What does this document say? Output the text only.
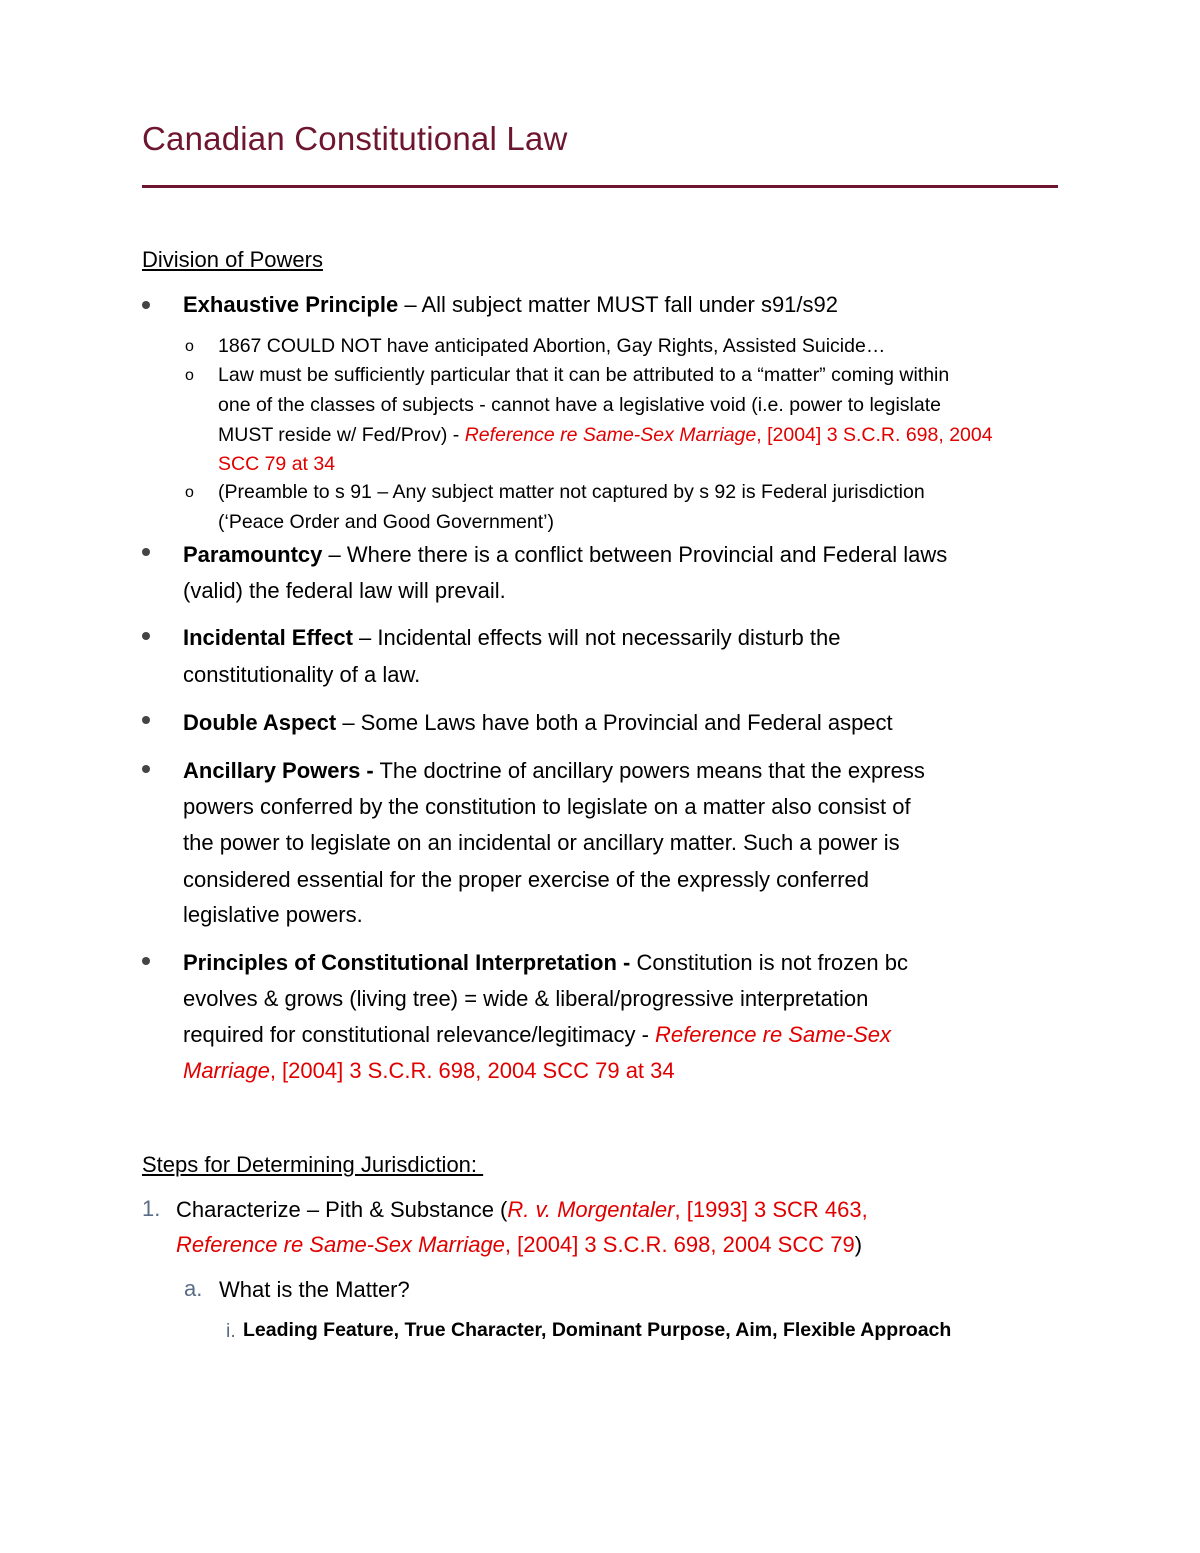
Canadian Constitutional Law
Division of Powers
Exhaustive Principle – All subject matter MUST fall under s91/s92
o 1867 COULD NOT have anticipated Abortion, Gay Rights, Assisted Suicide…
o Law must be sufficiently particular that it can be attributed to a “matter” coming within
one of the classes of subjects - cannot have a legislative void (i.e. power to legislate
MUST reside w/ Fed/Prov) - Reference re Same-Sex Marriage, [2004] 3 S.C.R. 698, 2004
SCC 79 at 34
o (Preamble to s 91 – Any subject matter not captured by s 92 is Federal jurisdiction
(‘Peace Order and Good Government’)
Paramountcy – Where there is a conflict between Provincial and Federal laws
(valid) the federal law will prevail.
Incidental Effect – Incidental effects will not necessarily disturb the
constitutionality of a law.
Double Aspect – Some Laws have both a Provincial and Federal aspect
Ancillary Powers - The doctrine of ancillary powers means that the express
powers conferred by the constitution to legislate on a matter also consist of
the power to legislate on an incidental or ancillary matter. Such a power is
considered essential for the proper exercise of the expressly conferred
legislative powers.
Principles of Constitutional Interpretation - Constitution is not frozen bc
evolves & grows (living tree) = wide & liberal/progressive interpretation
required for constitutional relevance/legitimacy - Reference re Same-Sex
Marriage, [2004] 3 S.C.R. 698, 2004 SCC 79 at 34
Steps for Determining Jurisdiction:
1. Characterize – Pith & Substance (R. v. Morgentaler, [1993] 3 SCR 463,
Reference re Same-Sex Marriage, [2004] 3 S.C.R. 698, 2004 SCC 79)
a. What is the Matter?
i. Leading Feature, True Character, Dominant Purpose, Aim, Flexible Approach
